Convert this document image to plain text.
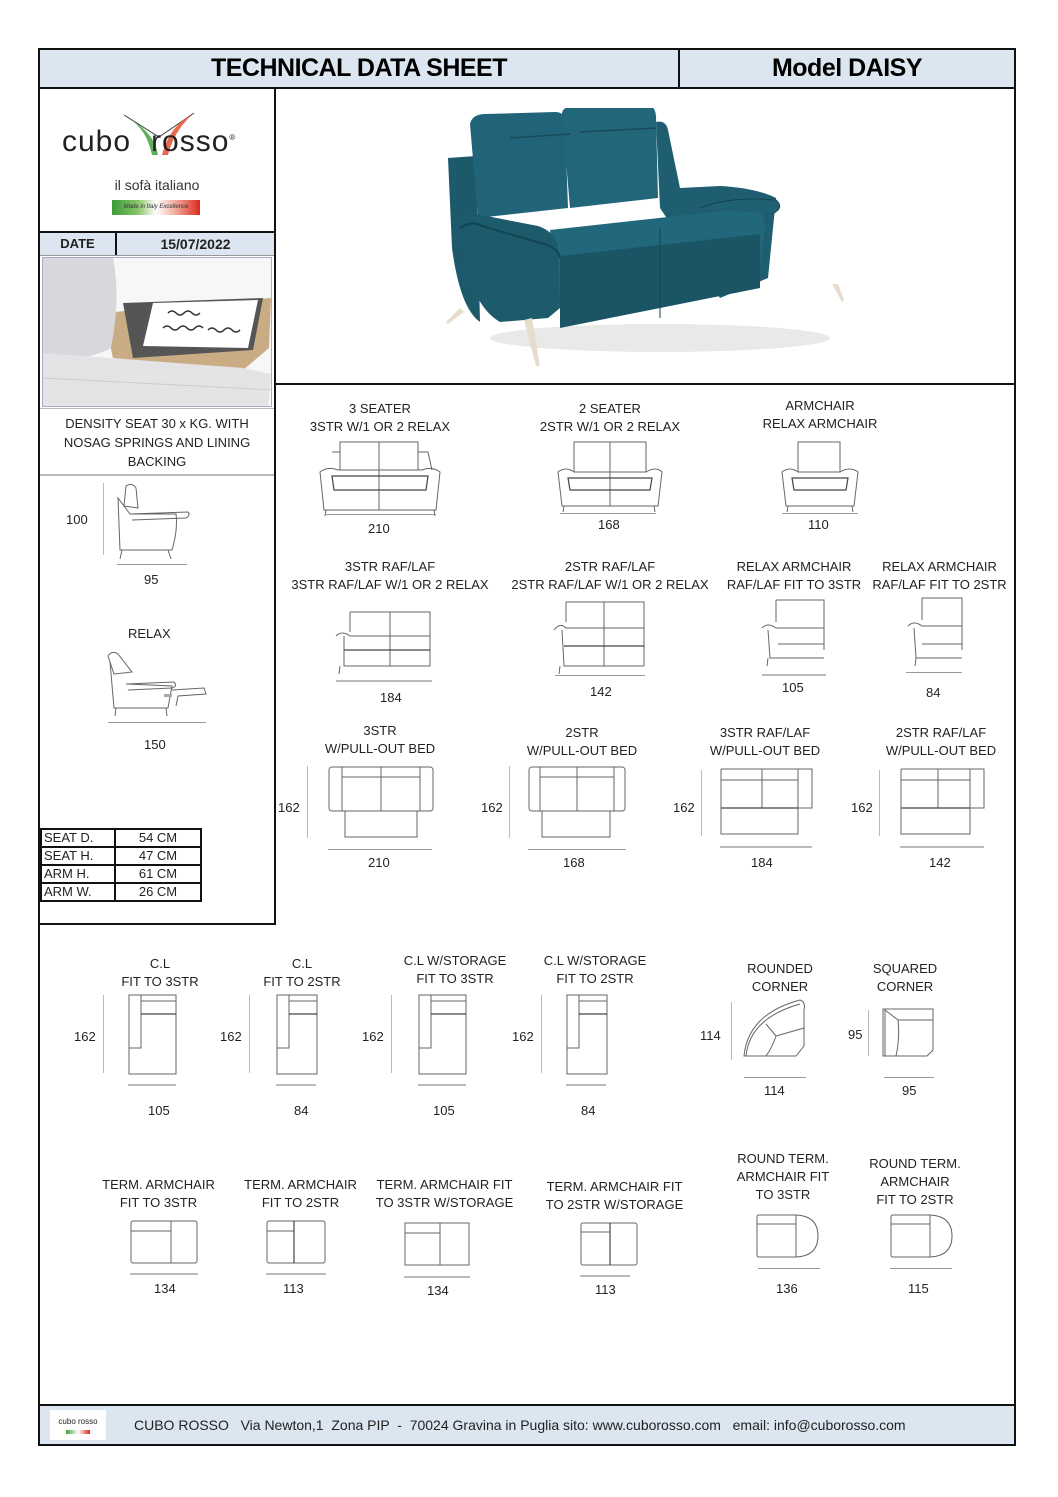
TECHNICAL DATA SHEET	Model DAISY
cubo rosso®
il sofà italiano
Made in Italy Excellence
DATE	15/07/2022
DENSITY SEAT 30 x KG. WITH
NOSAG SPRINGS AND LINING
BACKING
100
95
RELAX
150
SEAT D.	54 CM
SEAT H.	47 CM
ARM H.	61 CM
ARM W.	26 CM
3 SEATER
3STR W/1 OR 2 RELAX
210
2 SEATER
2STR W/1 OR 2 RELAX
168
ARMCHAIR
RELAX ARMCHAIR
110
3STR RAF/LAF
3STR RAF/LAF W/1 OR 2 RELAX
184
2STR RAF/LAF
2STR RAF/LAF W/1 OR 2 RELAX
142
RELAX ARMCHAIR
RAF/LAF FIT TO 3STR
105
RELAX ARMCHAIR
RAF/LAF FIT TO 2STR
84
3STR
W/PULL-OUT BED
162
210
2STR
W/PULL-OUT BED
162
168
3STR RAF/LAF
W/PULL-OUT BED
162
184
2STR RAF/LAF
W/PULL-OUT BED
162
142
C.L
FIT TO 3STR
162
105
C.L
FIT TO 2STR
162
84
C.L W/STORAGE
FIT TO 3STR
162
105
C.L W/STORAGE
FIT TO 2STR
162
84
ROUNDED
CORNER
114
114
SQUARED
CORNER
95
95
TERM. ARMCHAIR
FIT TO 3STR
134
TERM. ARMCHAIR
FIT TO 2STR
113
TERM. ARMCHAIR FIT
TO 3STR W/STORAGE
134
TERM. ARMCHAIR FIT
TO 2STR W/STORAGE
113
ROUND TERM.
ARMCHAIR FIT
TO 3STR
136
ROUND TERM.
ARMCHAIR
FIT TO 2STR
115
cubo rosso	CUBO ROSSO   Via Newton,1  Zona PIP  -  70024 Gravina in Puglia sito: www.cuborosso.com   email: info@cuborosso.com
